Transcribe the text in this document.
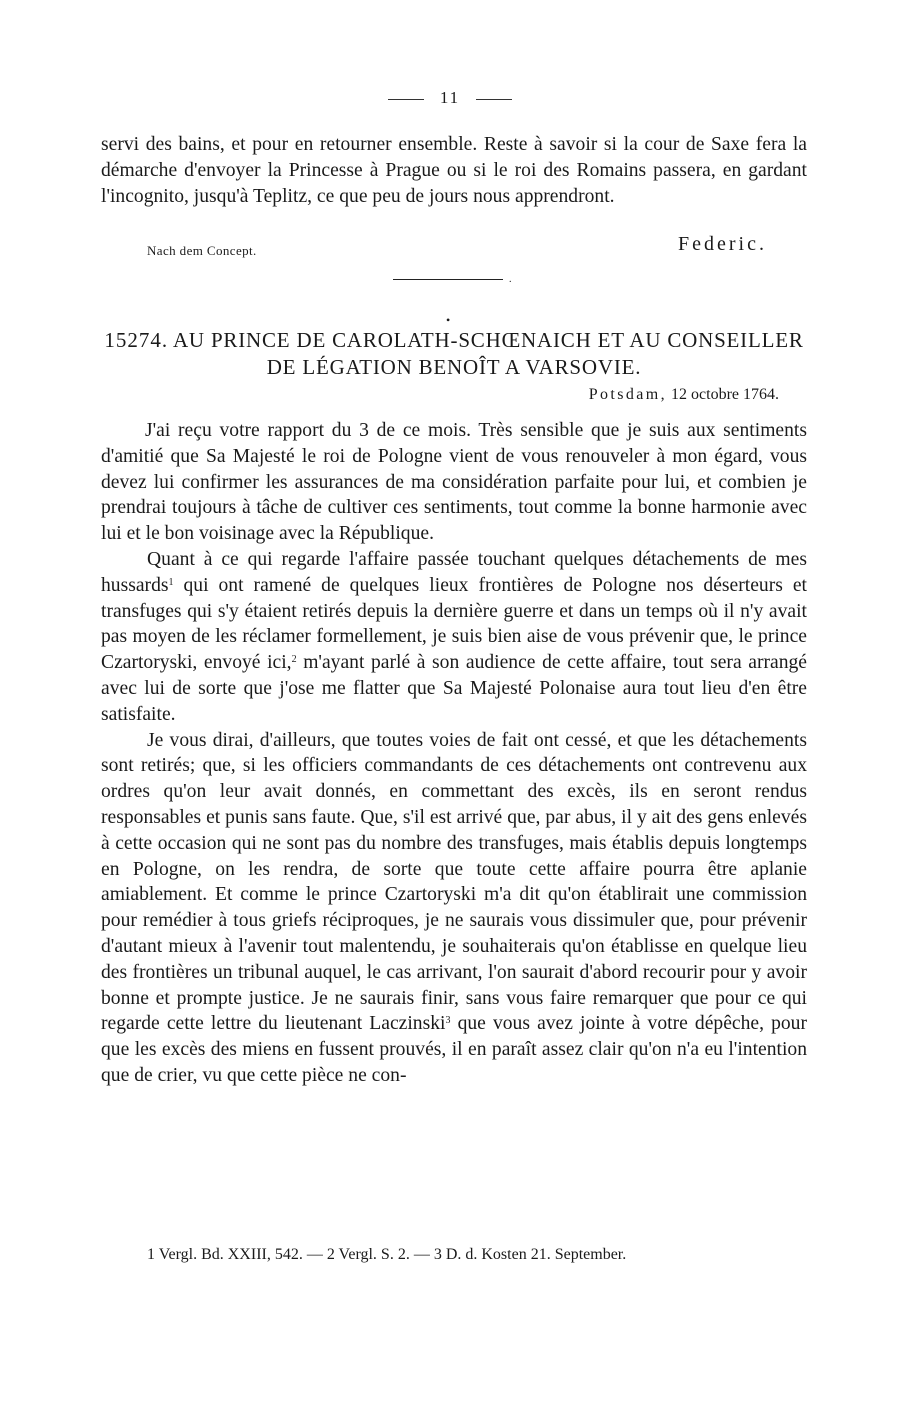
11

servi des bains, et pour en retourner ensemble. Reste à savoir si la cour de Saxe fera la démarche d'envoyer la Princesse à Prague ou si le roi des Romains passera, en gardant l'incognito, jusqu'à Teplitz, ce que peu de jours nous apprendront.

Nach dem Concept.	Federic.
.
•
15274. AU PRINCE DE CAROLATH-SCHŒNAICH ET AU CONSEILLER DE LÉGATION BENOÎT A VARSOVIE.
Potsdam, 12 octobre 1764.

J'ai reçu votre rapport du 3 de ce mois. Très sensible que je suis aux sentiments d'amitié que Sa Majesté le roi de Pologne vient de vous renouveler à mon égard, vous devez lui confirmer les assurances de ma considération parfaite pour lui, et combien je prendrai toujours à tâche de cultiver ces sentiments, tout comme la bonne harmonie avec lui et le bon voisinage avec la République.

Quant à ce qui regarde l'affaire passée touchant quelques détachements de mes hussards$^1$ qui ont ramené de quelques lieux frontières de Pologne nos déserteurs et transfuges qui s'y étaient retirés depuis la dernière guerre et dans un temps où il n'y avait pas moyen de les réclamer formellement, je suis bien aise de vous prévenir que, le prince Czartoryski, envoyé ici,$^2$ m'ayant parlé à son audience de cette affaire, tout sera arrangé avec lui de sorte que j'ose me flatter que Sa Majesté Polonaise aura tout lieu d'en être satisfaite.

Je vous dirai, d'ailleurs, que toutes voies de fait ont cessé, et que les détachements sont retirés; que, si les officiers commandants de ces détachements ont contrevenu aux ordres qu'on leur avait donnés, en commettant des excès, ils en seront rendus responsables et punis sans faute. Que, s'il est arrivé que, par abus, il y ait des gens enlevés à cette occasion qui ne sont pas du nombre des transfuges, mais établis depuis longtemps en Pologne, on les rendra, de sorte que toute cette affaire pourra être aplanie amiablement. Et comme le prince Czartoryski m'a dit qu'on établirait une commission pour remédier à tous griefs réciproques, je ne saurais vous dissimuler que, pour prévenir d'autant mieux à l'avenir tout malentendu, je souhaiterais qu'on établisse en quelque lieu des frontières un tribunal auquel, le cas arrivant, l'on saurait d'abord recourir pour y avoir bonne et prompte justice. Je ne saurais finir, sans vous faire remarquer que pour ce qui regarde cette lettre du lieutenant Laczinski$^3$ que vous avez jointe à votre dépêche, pour que les excès des miens en fussent prouvés, il en paraît assez clair qu'on n'a eu l'intention que de crier, vu que cette pièce ne con-

1 Vergl. Bd. XXIII, 542. — 2 Vergl. S. 2. — 3 D. d. Kosten 21. September.
